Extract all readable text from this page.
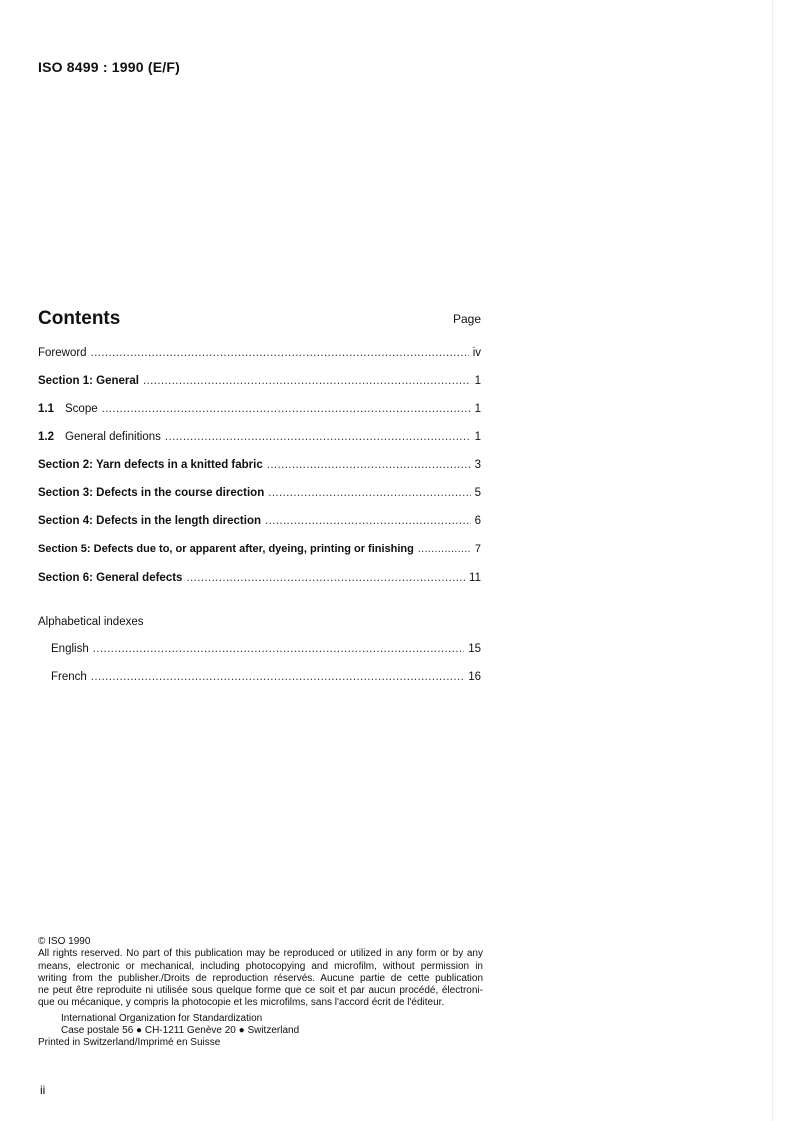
ISO 8499 : 1990 (E/F)
Contents	Page
Foreword . . .	iv
Section 1: General . . .	1
1.1 Scope . . .	1
1.2 General definitions . . .	1
Section 2: Yarn defects in a knitted fabric . . .	3
Section 3: Defects in the course direction . . .	5
Section 4: Defects in the length direction . . .	6
Section 5: Defects due to, or apparent after, dyeing, printing or finishing . . .	7
Section 6: General defects . . .	11
Alphabetical indexes
English . . .	15
French . . .	16

© ISO 1990

All rights reserved. No part of this publication may be reproduced or utilized in any form or by any

means, electronic or mechanical, including photocopying and microfilm, without permission in

writing from the publisher./Droits de reproduction réservés. Aucune partie de cette publication

ne peut être reproduite ni utilisée sous quelque forme que ce soit et par aucun procédé, électroni-

que ou mécanique, y compris la photocopie et les microfilms, sans l'accord écrit de l'éditeur.

International Organization for Standardization

Case postale 56 ● CH-1211 Genève 20 ● Switzerland

Printed in Switzerland/Imprimé en Suisse

ii
